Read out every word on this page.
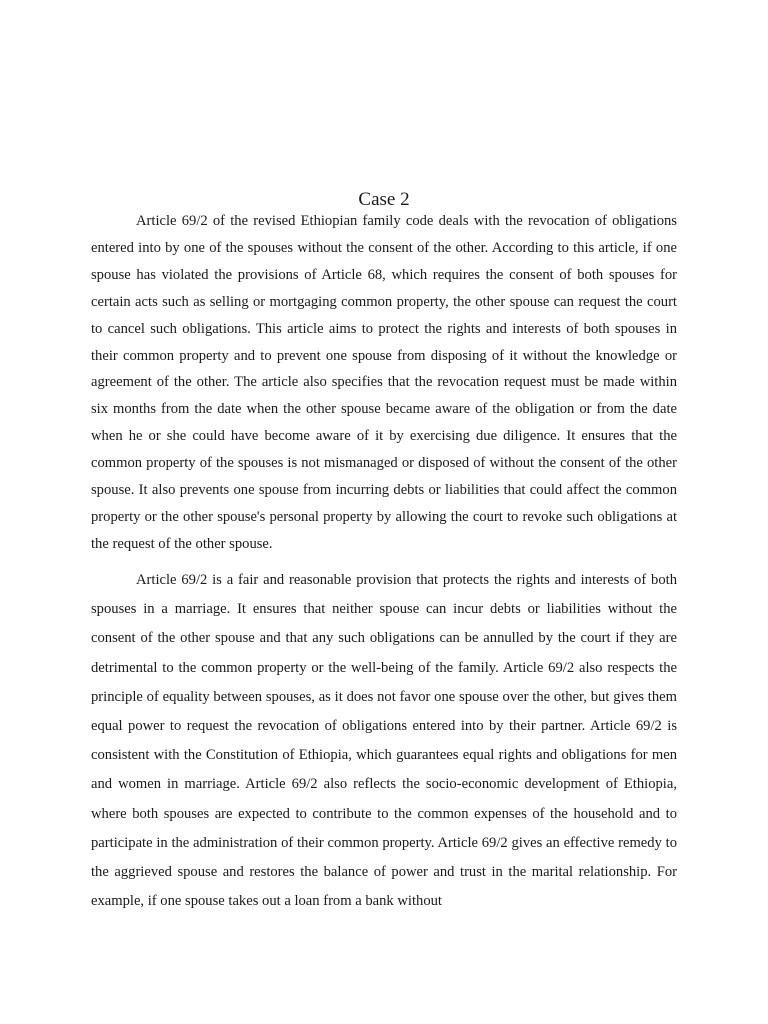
Case 2

Article 69/2 of the revised Ethiopian family code deals with the revocation of obligations entered into by one of the spouses without the consent of the other. According to this article, if one spouse has violated the provisions of Article 68, which requires the consent of both spouses for certain acts such as selling or mortgaging common property, the other spouse can request the court to cancel such obligations. This article aims to protect the rights and interests of both spouses in their common property and to prevent one spouse from disposing of it without the knowledge or agreement of the other. The article also specifies that the revocation request must be made within six months from the date when the other spouse became aware of the obligation or from the date when he or she could have become aware of it by exercising due diligence. It ensures that the common property of the spouses is not mismanaged or disposed of without the consent of the other spouse. It also prevents one spouse from incurring debts or liabilities that could affect the common property or the other spouse's personal property by allowing the court to revoke such obligations at the request of the other spouse.

Article 69/2 is a fair and reasonable provision that protects the rights and interests of both spouses in a marriage. It ensures that neither spouse can incur debts or liabilities without the consent of the other spouse and that any such obligations can be annulled by the court if they are detrimental to the common property or the well-being of the family. Article 69/2 also respects the principle of equality between spouses, as it does not favor one spouse over the other, but gives them equal power to request the revocation of obligations entered into by their partner. Article 69/2 is consistent with the Constitution of Ethiopia, which guarantees equal rights and obligations for men and women in marriage. Article 69/2 also reflects the socio-economic development of Ethiopia, where both spouses are expected to contribute to the common expenses of the household and to participate in the administration of their common property. Article 69/2 gives an effective remedy to the aggrieved spouse and restores the balance of power and trust in the marital relationship. For example, if one spouse takes out a loan from a bank without
